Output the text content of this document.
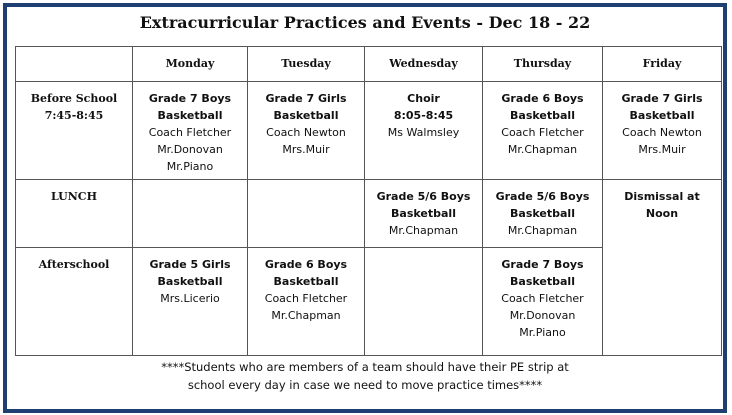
Extracurricular Practices and Events - Dec 18 - 22
	Monday	Tuesday	Wednesday	Thursday	Friday

Before School
7:45-8:45	Grade 7 Boys
Basketball
Coach Fletcher
Mr.Donovan
Mr.Piano	Grade 7 Girls
Basketball
Coach Newton
Mrs.Muir	Choir
8:05-8:45
Ms Walmsley	Grade 6 Boys
Basketball
Coach Fletcher
Mr.Chapman	Grade 7 Girls
Basketball
Coach Newton
Mrs.Muir

LUNCH			Grade 5/6 Boys
Basketball
Mr.Chapman	Grade 5/6 Boys
Basketball
Mr.Chapman	Dismissal at
Noon

Afterschool	Grade 5 Girls
Basketball
Mrs.Licerio	Grade 6 Boys
Basketball
Coach Fletcher
Mr.Chapman		Grade 7 Boys
Basketball
Coach Fletcher
Mr.Donovan
Mr.Piano	
****Students who are members of a team should have their PE strip at
school every day in case we need to move practice times****
